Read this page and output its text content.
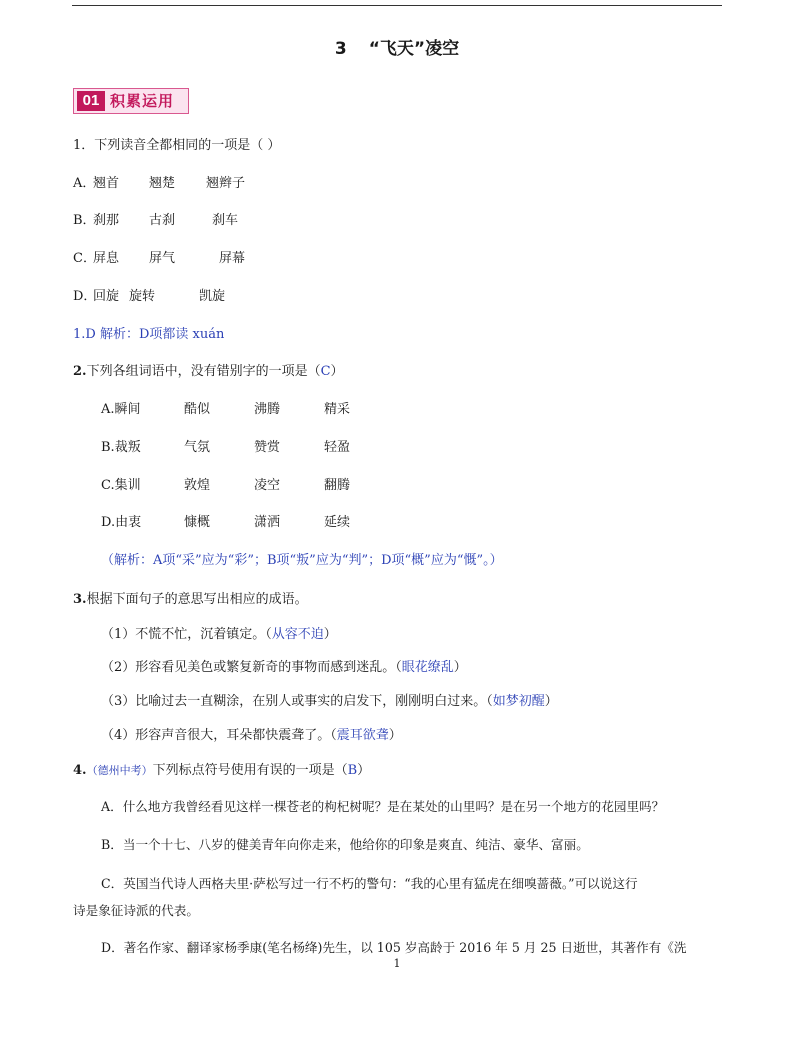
3 “飞天”凌空
01 积累运用
1．下列读音全都相同的一项是（ ）
A．
翘首 翘楚 翘辫子
B．
刹那 古刹	刹车
C．
屏息 屏气	屏幕
D．
回旋 旋转	凯旋
1.D 解析：D项都读 xuán
2.下列各组词语中，没有错别字的一项是（C）
A.瞬间	酷似	沸腾	精采
B.裁叛	气氛	赞赏	轻盈
C.集训	敦煌	凌空	翻腾
D.由衷	慷概	潇洒	延续
（解析：A项“采”应为“彩”；B项“叛”应为“判”；D项“概”应为“慨”。）
3.根据下面句子的意思写出相应的成语。
（1）不慌不忙，沉着镇定。（从容不迫）
（2）形容看见美色或繁复新奇的事物而感到迷乱。（眼花缭乱）
（3）比喻过去一直糊涂，在别人或事实的启发下，刚刚明白过来。（如梦初醒）
（4）形容声音很大，耳朵都快震聋了。（震耳欲聋）
4.（德州中考）下列标点符号使用有误的一项是（B）
A．什么地方我曾经看见这样一棵苍老的枸杞树呢？是在某处的山里吗？是在另一个地方的花园里吗？
B．当一个十七、八岁的健美青年向你走来，他给你的印象是爽直、纯洁、豪华、富丽。
C．英国当代诗人西格夫里·萨松写过一行不朽的警句：“我的心里有猛虎在细嗅蔷薇。”可以说这行
诗是象征诗派的代表。
D．著名作家、翻译家杨季康(笔名杨绛)先生，以 105 岁高龄于 2016 年 5 月 25 日逝世，其著作有《洗
1
